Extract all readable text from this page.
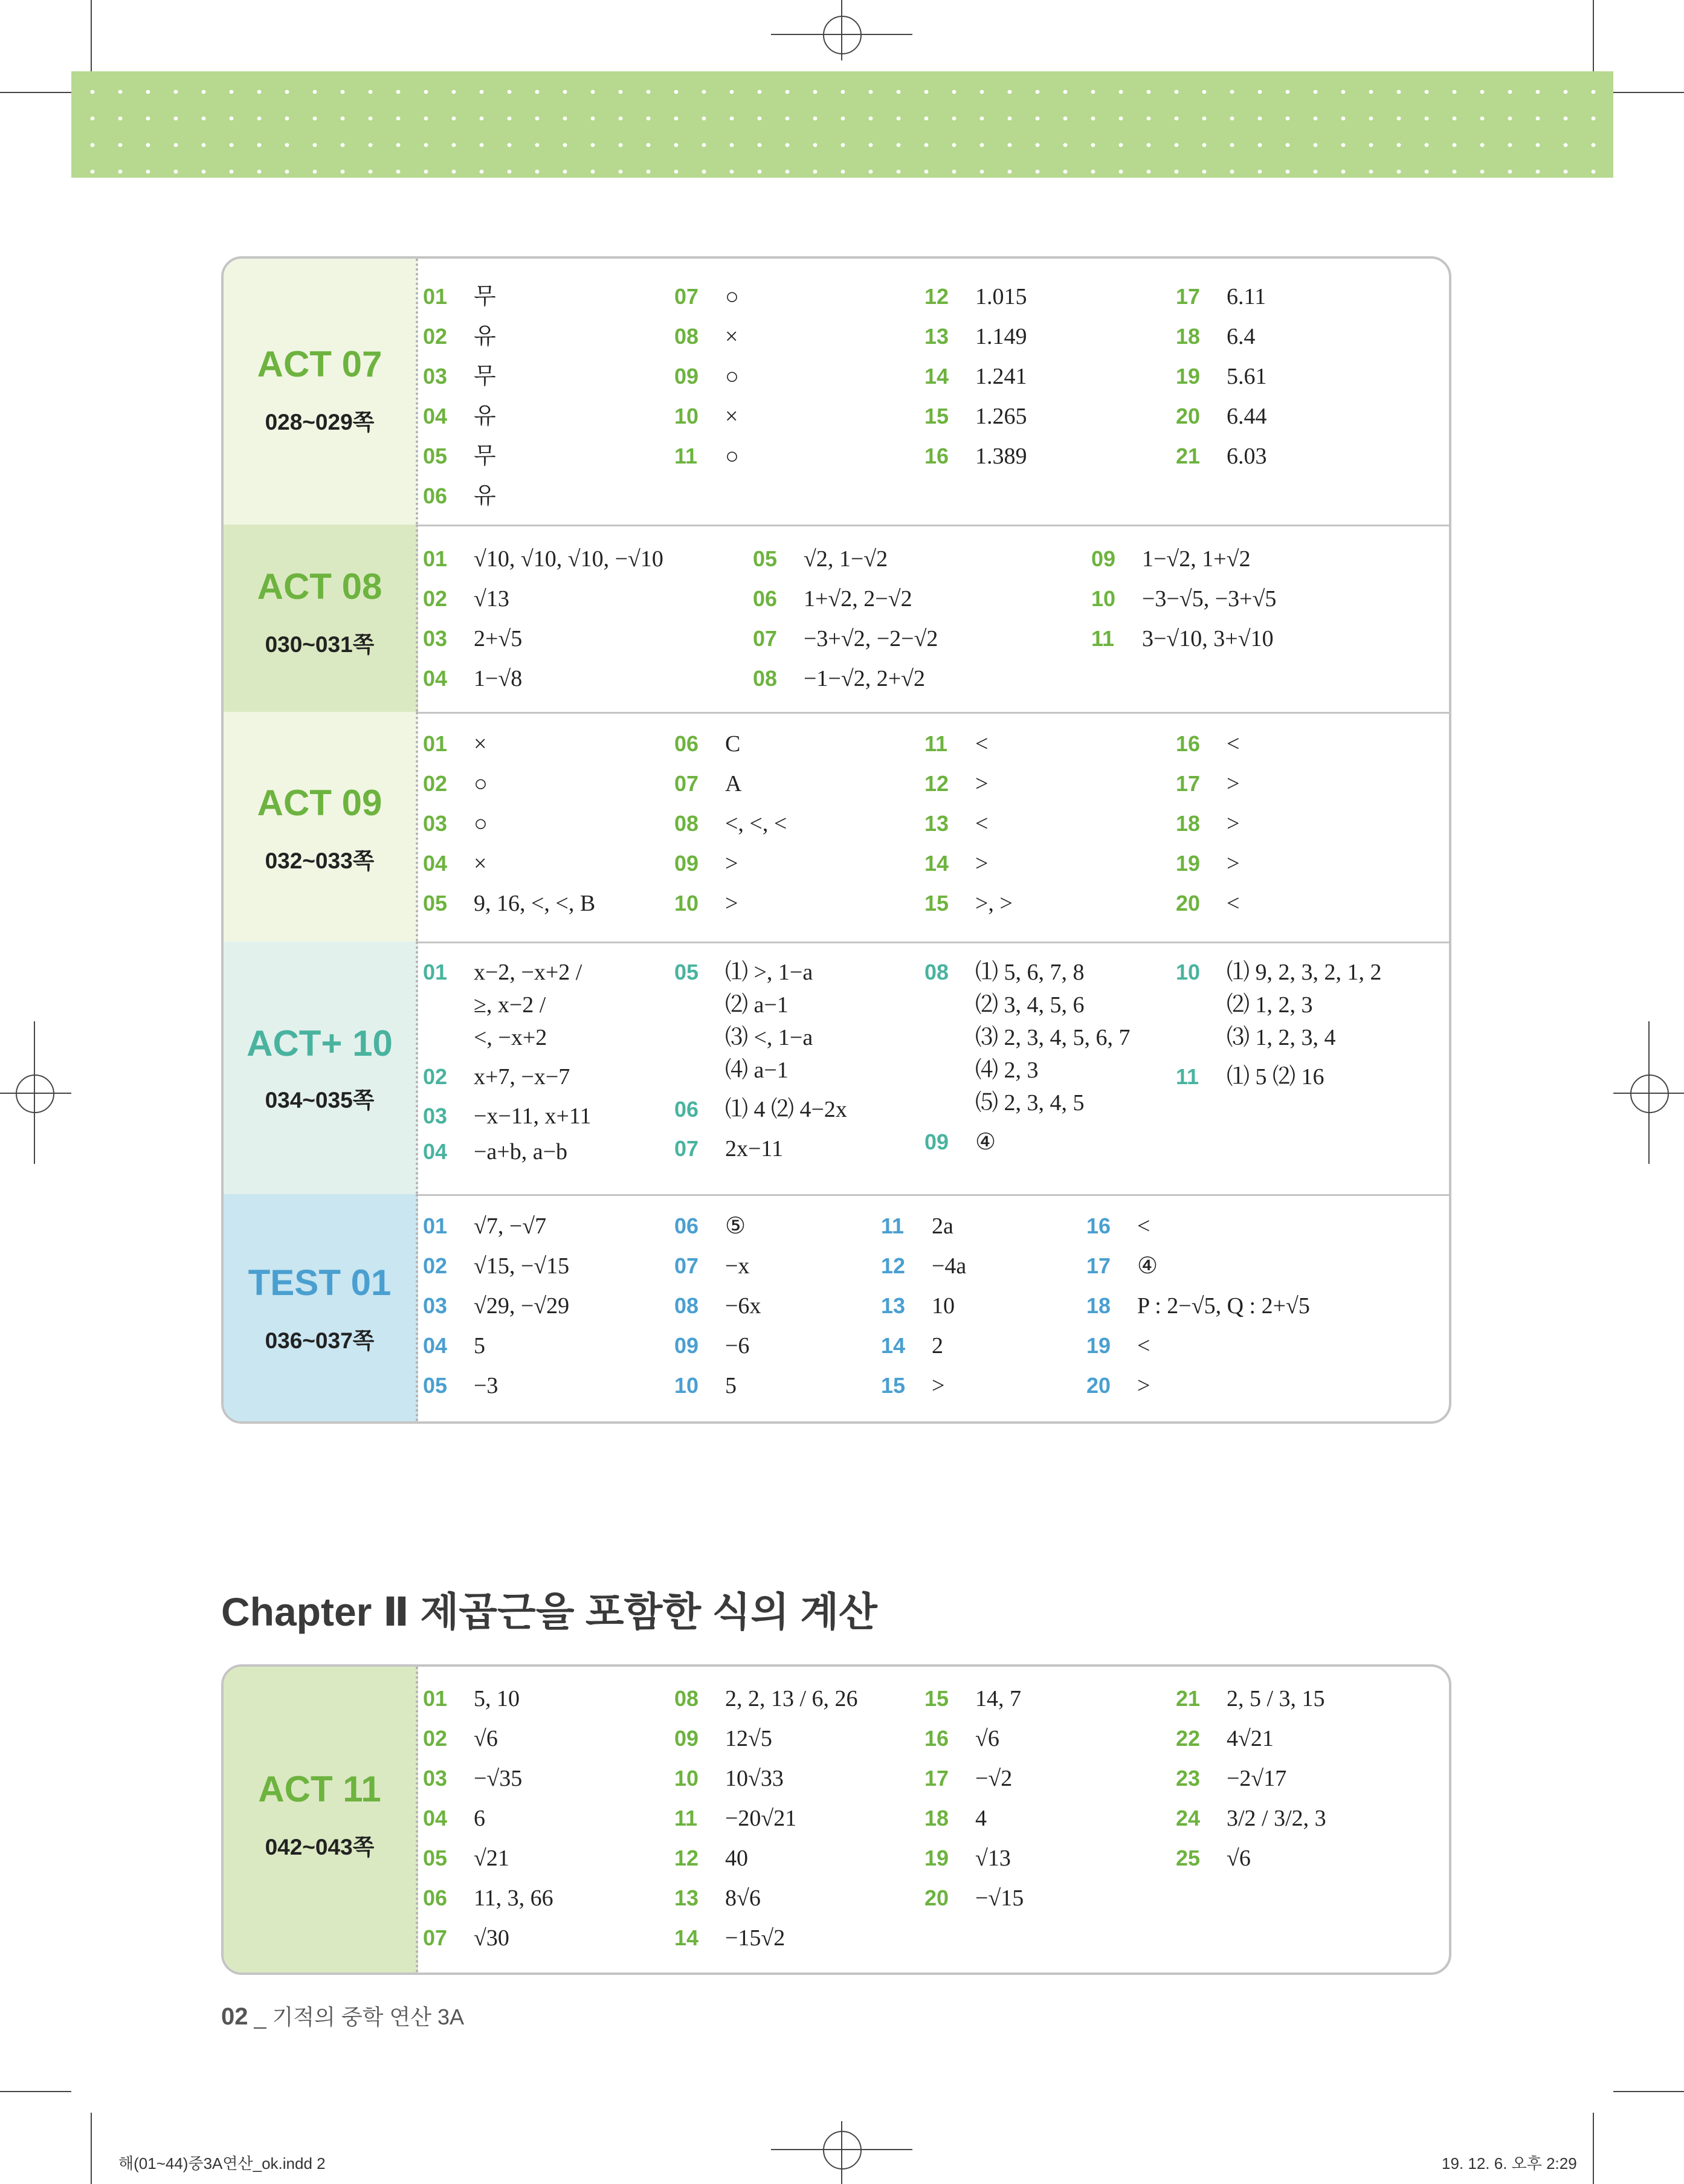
ACT 07
028~029쪽
01 무
02 유
03 무
04 유
05 무
06 유
07 ○
08 ×
09 ○
10 ×
11 ○
12 1.015
13 1.149
14 1.241
15 1.265
16 1.389
17 6.11
18 6.4
19 5.61
20 6.44
21 6.03
ACT 08
030~031쪽
01 √10, √10, √10, −√10
02 √13
03 2+√5
04 1−√8
05 √2, 1−√2
06 1+√2, 2−√2
07 −3+√2, −2−√2
08 −1−√2, 2+√2
09 1−√2, 1+√2
10 −3−√5, −3+√5
11 3−√10, 3+√10
ACT 09
032~033쪽
01 ×
02 ○
03 ○
04 ×
05 9, 16, <, <, B
06 C
07 A
08 <, <, <
09 >
10 >
11 <
12 >
13 <
14 >
15 >, >
16 <
17 >
18 >
19 >
20 <
ACT+ 10
034~035쪽
01 x−2, −x+2 /
≥, x−2 /
<, −x+2
02 x+7, −x−7
03 −x−11, x+11
04 −a+b, a−b
05 ⑴ >, 1−a
⑵ a−1
⑶ <, 1−a
⑷ a−1
06 ⑴ 4 ⑵ 4−2x
07 2x−11
08 ⑴ 5, 6, 7, 8
⑵ 3, 4, 5, 6
⑶ 2, 3, 4, 5, 6, 7
⑷ 2, 3
⑸ 2, 3, 4, 5
09 ④
10 ⑴ 9, 2, 3, 2, 1, 2
⑵ 1, 2, 3
⑶ 1, 2, 3, 4
11 ⑴ 5 ⑵ 16
TEST 01
036~037쪽
01 √7, −√7
02 √15, −√15
03 √29, −√29
04 5
05 −3
06 ⑤
07 −x
08 −6x
09 −6
10 5
11 2a
12 −4a
13 10
14 2
15 >
16 <
17 ④
18 P : 2−√5, Q : 2+√5
19 <
20 >
Chapter Ⅱ 제곱근을 포함한 식의 계산
ACT 11
042~043쪽
01 5, 10
02 √6
03 −√35
04 6
05 √21
06 11, 3, 66
07 √30
08 2, 2, 13 / 6, 26
09 12√5
10 10√33
11 −20√21
12 40
13 8√6
14 −15√2
15 14, 7
16 √6
17 −√2
18 4
19 √13
20 −√15
21 2, 5 / 3, 15
22 4√21
23 −2√17
24 3/2 / 3/2, 3
25 √6
02 _ 기적의 중학 연산 3A
해(01~44)중3A연산_ok.indd 2	19. 12. 6. 오후 2:29
